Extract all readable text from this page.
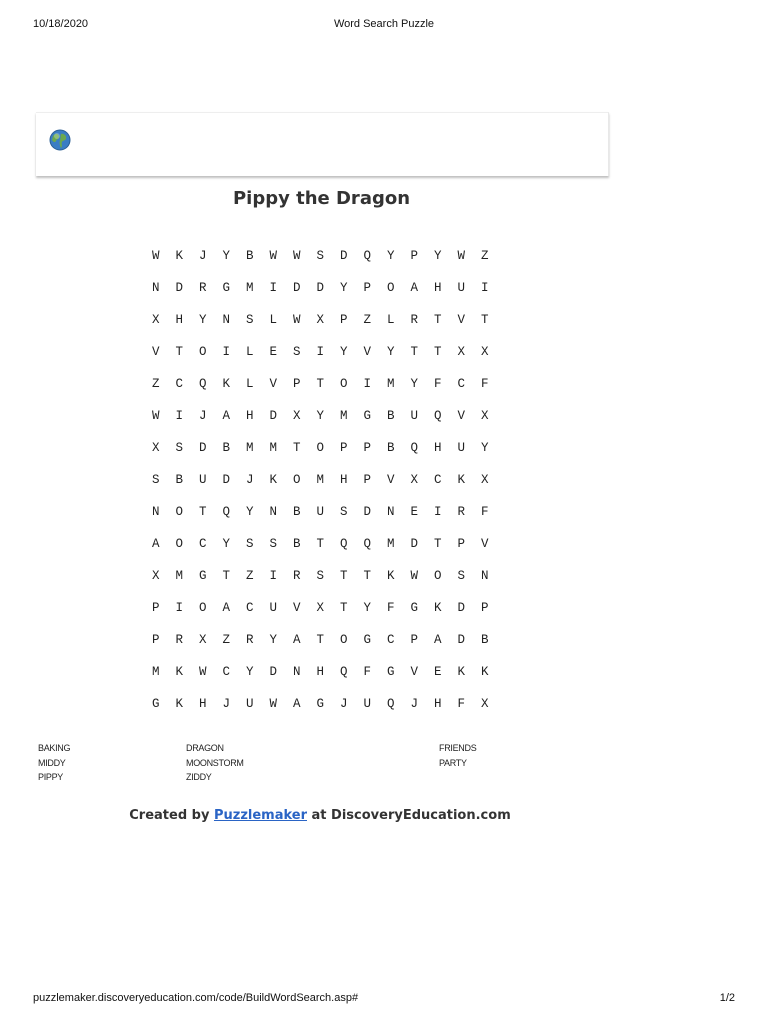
10/18/2020	Word Search Puzzle
Pippy the Dragon
W	K	J	Y	B	W	W	S	D	Q	Y	P	Y	W	Z
N	D	R	G	M	I	D	D	Y	P	O	A	H	U	I
X	H	Y	N	S	L	W	X	P	Z	L	R	T	V	T
V	T	O	I	L	E	S	I	Y	V	Y	T	T	X	X
Z	C	Q	K	L	V	P	T	O	I	M	Y	F	C	F
W	I	J	A	H	D	X	Y	M	G	B	U	Q	V	X
X	S	D	B	M	M	T	O	P	P	B	Q	H	U	Y
S	B	U	D	J	K	O	M	H	P	V	X	C	K	X
N	O	T	Q	Y	N	B	U	S	D	N	E	I	R	F
A	O	C	Y	S	S	B	T	Q	Q	M	D	T	P	V
X	M	G	T	Z	I	R	S	T	T	K	W	O	S	N
P	I	O	A	C	U	V	X	T	Y	F	G	K	D	P
P	R	X	Z	R	Y	A	T	O	G	C	P	A	D	B
M	K	W	C	Y	D	N	H	Q	F	G	V	E	K	K
G	K	H	J	U	W	A	G	J	U	Q	J	H	F	X
BAKING
MIDDY
PIPPY
DRAGON
MOONSTORM
ZIDDY
FRIENDS
PARTY
Created by Puzzlemaker at DiscoveryEducation.com
puzzlemaker.discoveryeducation.com/code/BuildWordSearch.asp#	1/2
